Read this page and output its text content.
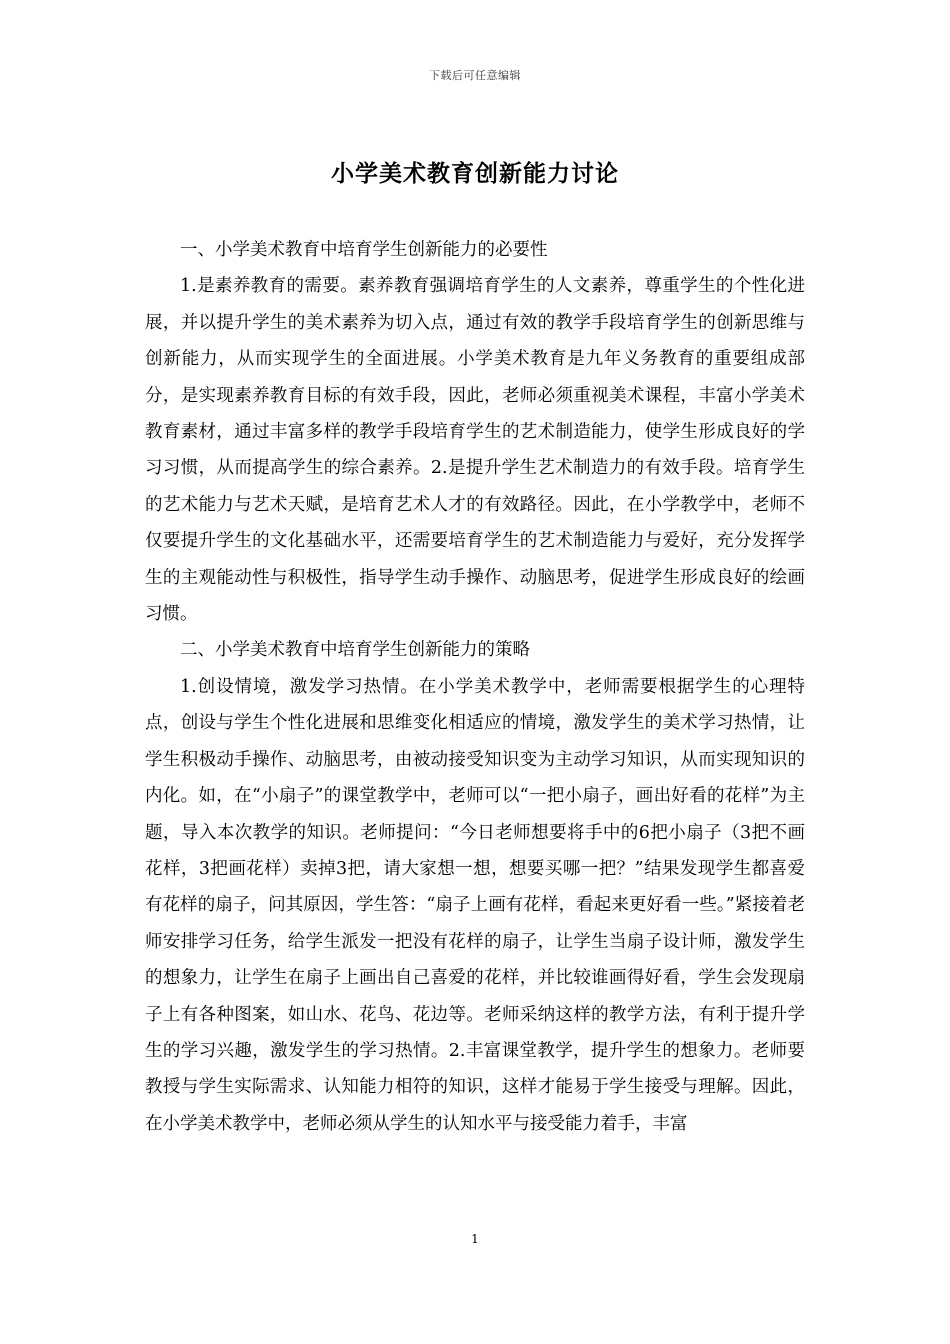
下载后可任意编辑
小学美术教育创新能力讨论

一、小学美术教育中培育学生创新能力的必要性

1.是素养教育的需要。素养教育强调培育学生的人文素养，尊重学生的个性化进展，并以提升学生的美术素养为切入点，通过有效的教学手段培育学生的创新思维与创新能力，从而实现学生的全面进展。小学美术教育是九年义务教育的重要组成部分，是实现素养教育目标的有效手段，因此，老师必须重视美术课程，丰富小学美术教育素材，通过丰富多样的教学手段培育学生的艺术制造能力，使学生形成良好的学习习惯，从而提高学生的综合素养。2.是提升学生艺术制造力的有效手段。培育学生的艺术能力与艺术天赋，是培育艺术人才的有效路径。因此，在小学教学中，老师不仅要提升学生的文化基础水平，还需要培育学生的艺术制造能力与爱好，充分发挥学生的主观能动性与积极性，指导学生动手操作、动脑思考，促进学生形成良好的绘画习惯。

二、小学美术教育中培育学生创新能力的策略

1.创设情境，激发学习热情。在小学美术教学中，老师需要根据学生的心理特点，创设与学生个性化进展和思维变化相适应的情境，激发学生的美术学习热情，让学生积极动手操作、动脑思考，由被动接受知识变为主动学习知识，从而实现知识的内化。如，在“小扇子”的课堂教学中，老师可以“一把小扇子，画出好看的花样”为主题，导入本次教学的知识。老师提问：“今日老师想要将手中的6把小扇子（3把不画花样，3把画花样）卖掉3把，请大家想一想，想要买哪一把？”结果发现学生都喜爱有花样的扇子，问其原因，学生答：“扇子上画有花样，看起来更好看一些。”紧接着老师安排学习任务，给学生派发一把没有花样的扇子，让学生当扇子设计师，激发学生的想象力，让学生在扇子上画出自己喜爱的花样，并比较谁画得好看，学生会发现扇子上有各种图案，如山水、花鸟、花边等。老师采纳这样的教学方法，有利于提升学生的学习兴趣，激发学生的学习热情。2.丰富课堂教学，提升学生的想象力。老师要教授与学生实际需求、认知能力相符的知识，这样才能易于学生接受与理解。因此，在小学美术教学中，老师必须从学生的认知水平与接受能力着手，丰富

1
